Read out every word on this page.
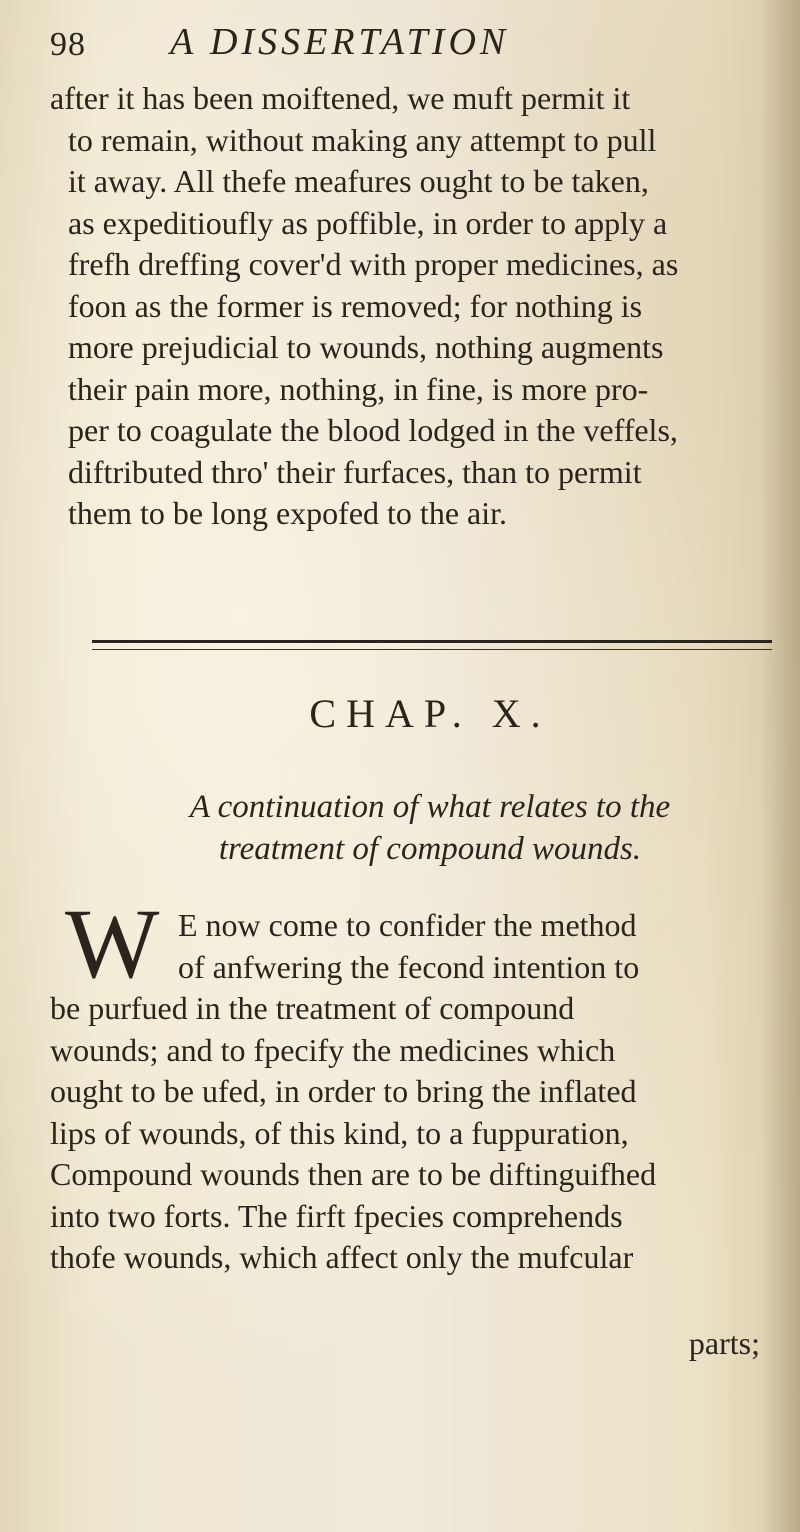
98 A DISSERTATION
after it has been moiftened, we muft permit it
to remain, without making any attempt to pull
it away. All thefe meafures ought to be taken,
as expeditioufly as poffible, in order to apply a
frefh dreffing cover'd with proper medicines, as
foon as the former is removed; for nothing is
more prejudicial to wounds, nothing augments
their pain more, nothing, in fine, is more pro-
per to coagulate the blood lodged in the veffels,
diftributed thro' their furfaces, than to permit
them to be long expofed to the air.
CHAP. X.
A continuation of what relates to the
treatment of compound wounds.
W E now come to confider the method
of anfwering the fecond intention to
be purfued in the treatment of compound
wounds; and to fpecify the medicines which
ought to be ufed, in order to bring the inflated
lips of wounds, of this kind, to a fuppuration,
Compound wounds then are to be diftinguifhed
into two forts. The firft fpecies comprehends
thofe wounds, which affect only the mufcular
parts;
